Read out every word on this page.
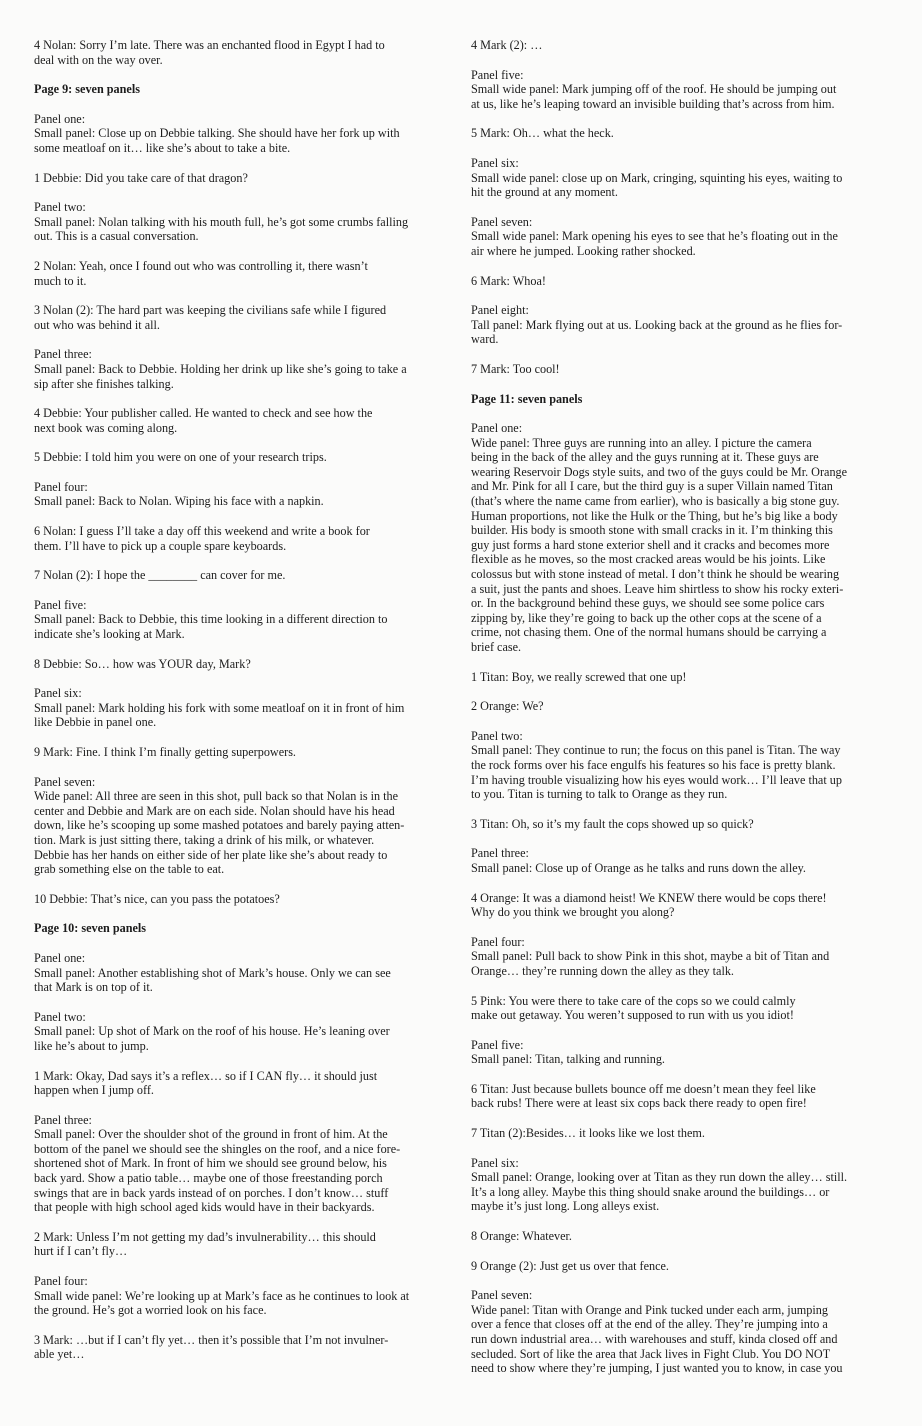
4 Nolan: Sorry I’m late. There was an enchanted flood in Egypt I had to
deal with on the way over.
Page 9: seven panels
Panel one:
Small panel: Close up on Debbie talking. She should have her fork up with
some meatloaf on it… like she’s about to take a bite.
1 Debbie: Did you take care of that dragon?
Panel two:
Small panel: Nolan talking with his mouth full, he’s got some crumbs falling
out. This is a casual conversation.
2 Nolan: Yeah, once I found out who was controlling it, there wasn’t
much to it.
3 Nolan (2): The hard part was keeping the civilians safe while I figured
out who was behind it all.
Panel three:
Small panel: Back to Debbie. Holding her drink up like she’s going to take a
sip after she finishes talking.
4 Debbie: Your publisher called. He wanted to check and see how the
next book was coming along.
5 Debbie: I told him you were on one of your research trips.
Panel four:
Small panel: Back to Nolan. Wiping his face with a napkin.
6 Nolan: I guess I’ll take a day off this weekend and write a book for
them. I’ll have to pick up a couple spare keyboards.
7 Nolan (2): I hope the ________ can cover for me.
Panel five:
Small panel: Back to Debbie, this time looking in a different direction to
indicate she’s looking at Mark.
8 Debbie: So… how was YOUR day, Mark?
Panel six:
Small panel: Mark holding his fork with some meatloaf on it in front of him
like Debbie in panel one.
9 Mark: Fine. I think I’m finally getting superpowers.
Panel seven:
Wide panel: All three are seen in this shot, pull back so that Nolan is in the
center and Debbie and Mark are on each side. Nolan should have his head
down, like he’s scooping up some mashed potatoes and barely paying atten-
tion. Mark is just sitting there, taking a drink of his milk, or whatever.
Debbie has her hands on either side of her plate like she’s about ready to
grab something else on the table to eat.
10 Debbie: That’s nice, can you pass the potatoes?
Page 10: seven panels
Panel one:
Small panel: Another establishing shot of Mark’s house. Only we can see
that Mark is on top of it.
Panel two:
Small panel: Up shot of Mark on the roof of his house. He’s leaning over
like he’s about to jump.
1 Mark: Okay, Dad says it’s a reflex… so if I CAN fly… it should just
happen when I jump off.
Panel three:
Small panel: Over the shoulder shot of the ground in front of him. At the
bottom of the panel we should see the shingles on the roof, and a nice fore-
shortened shot of Mark. In front of him we should see ground below, his
back yard. Show a patio table… maybe one of those freestanding porch
swings that are in back yards instead of on porches. I don’t know… stuff
that people with high school aged kids would have in their backyards.
2 Mark: Unless I’m not getting my dad’s invulnerability… this should
hurt if I can’t fly…
Panel four:
Small wide panel: We’re looking up at Mark’s face as he continues to look at
the ground. He’s got a worried look on his face.
3 Mark: …but if I can’t fly yet… then it’s possible that I’m not invulner-
able yet…
4 Mark (2): …
Panel five:
Small wide panel: Mark jumping off of the roof. He should be jumping out
at us, like he’s leaping toward an invisible building that’s across from him.
5 Mark: Oh… what the heck.
Panel six:
Small wide panel: close up on Mark, cringing, squinting his eyes, waiting to
hit the ground at any moment.
Panel seven:
Small wide panel: Mark opening his eyes to see that he’s floating out in the
air where he jumped. Looking rather shocked.
6 Mark: Whoa!
Panel eight:
Tall panel: Mark flying out at us. Looking back at the ground as he flies for-
ward.
7 Mark: Too cool!
Page 11: seven panels
Panel one:
Wide panel: Three guys are running into an alley. I picture the camera
being in the back of the alley and the guys running at it. These guys are
wearing Reservoir Dogs style suits, and two of the guys could be Mr. Orange
and Mr. Pink for all I care, but the third guy is a super Villain named Titan
(that’s where the name came from earlier), who is basically a big stone guy.
Human proportions, not like the Hulk or the Thing, but he’s big like a body
builder. His body is smooth stone with small cracks in it. I’m thinking this
guy just forms a hard stone exterior shell and it cracks and becomes more
flexible as he moves, so the most cracked areas would be his joints. Like
colossus but with stone instead of metal. I don’t think he should be wearing
a suit, just the pants and shoes. Leave him shirtless to show his rocky exteri-
or. In the background behind these guys, we should see some police cars
zipping by, like they’re going to back up the other cops at the scene of a
crime, not chasing them. One of the normal humans should be carrying a
brief case.
1 Titan: Boy, we really screwed that one up!
2 Orange: We?
Panel two:
Small panel: They continue to run; the focus on this panel is Titan. The way
the rock forms over his face engulfs his features so his face is pretty blank.
I’m having trouble visualizing how his eyes would work… I’ll leave that up
to you. Titan is turning to talk to Orange as they run.
3 Titan: Oh, so it’s my fault the cops showed up so quick?
Panel three:
Small panel: Close up of Orange as he talks and runs down the alley.
4 Orange: It was a diamond heist! We KNEW there would be cops there!
Why do you think we brought you along?
Panel four:
Small panel: Pull back to show Pink in this shot, maybe a bit of Titan and
Orange… they’re running down the alley as they talk.
5 Pink: You were there to take care of the cops so we could calmly
make out getaway. You weren’t supposed to run with us you idiot!
Panel five:
Small panel: Titan, talking and running.
6 Titan: Just because bullets bounce off me doesn’t mean they feel like
back rubs! There were at least six cops back there ready to open fire!
7 Titan (2):Besides… it looks like we lost them.
Panel six:
Small panel: Orange, looking over at Titan as they run down the alley… still.
It’s a long alley. Maybe this thing should snake around the buildings… or
maybe it’s just long. Long alleys exist.
8 Orange: Whatever.
9 Orange (2): Just get us over that fence.
Panel seven:
Wide panel: Titan with Orange and Pink tucked under each arm, jumping
over a fence that closes off at the end of the alley. They’re jumping into a
run down industrial area… with warehouses and stuff, kinda closed off and
secluded. Sort of like the area that Jack lives in Fight Club. You DO NOT
need to show where they’re jumping, I just wanted you to know, in case you
